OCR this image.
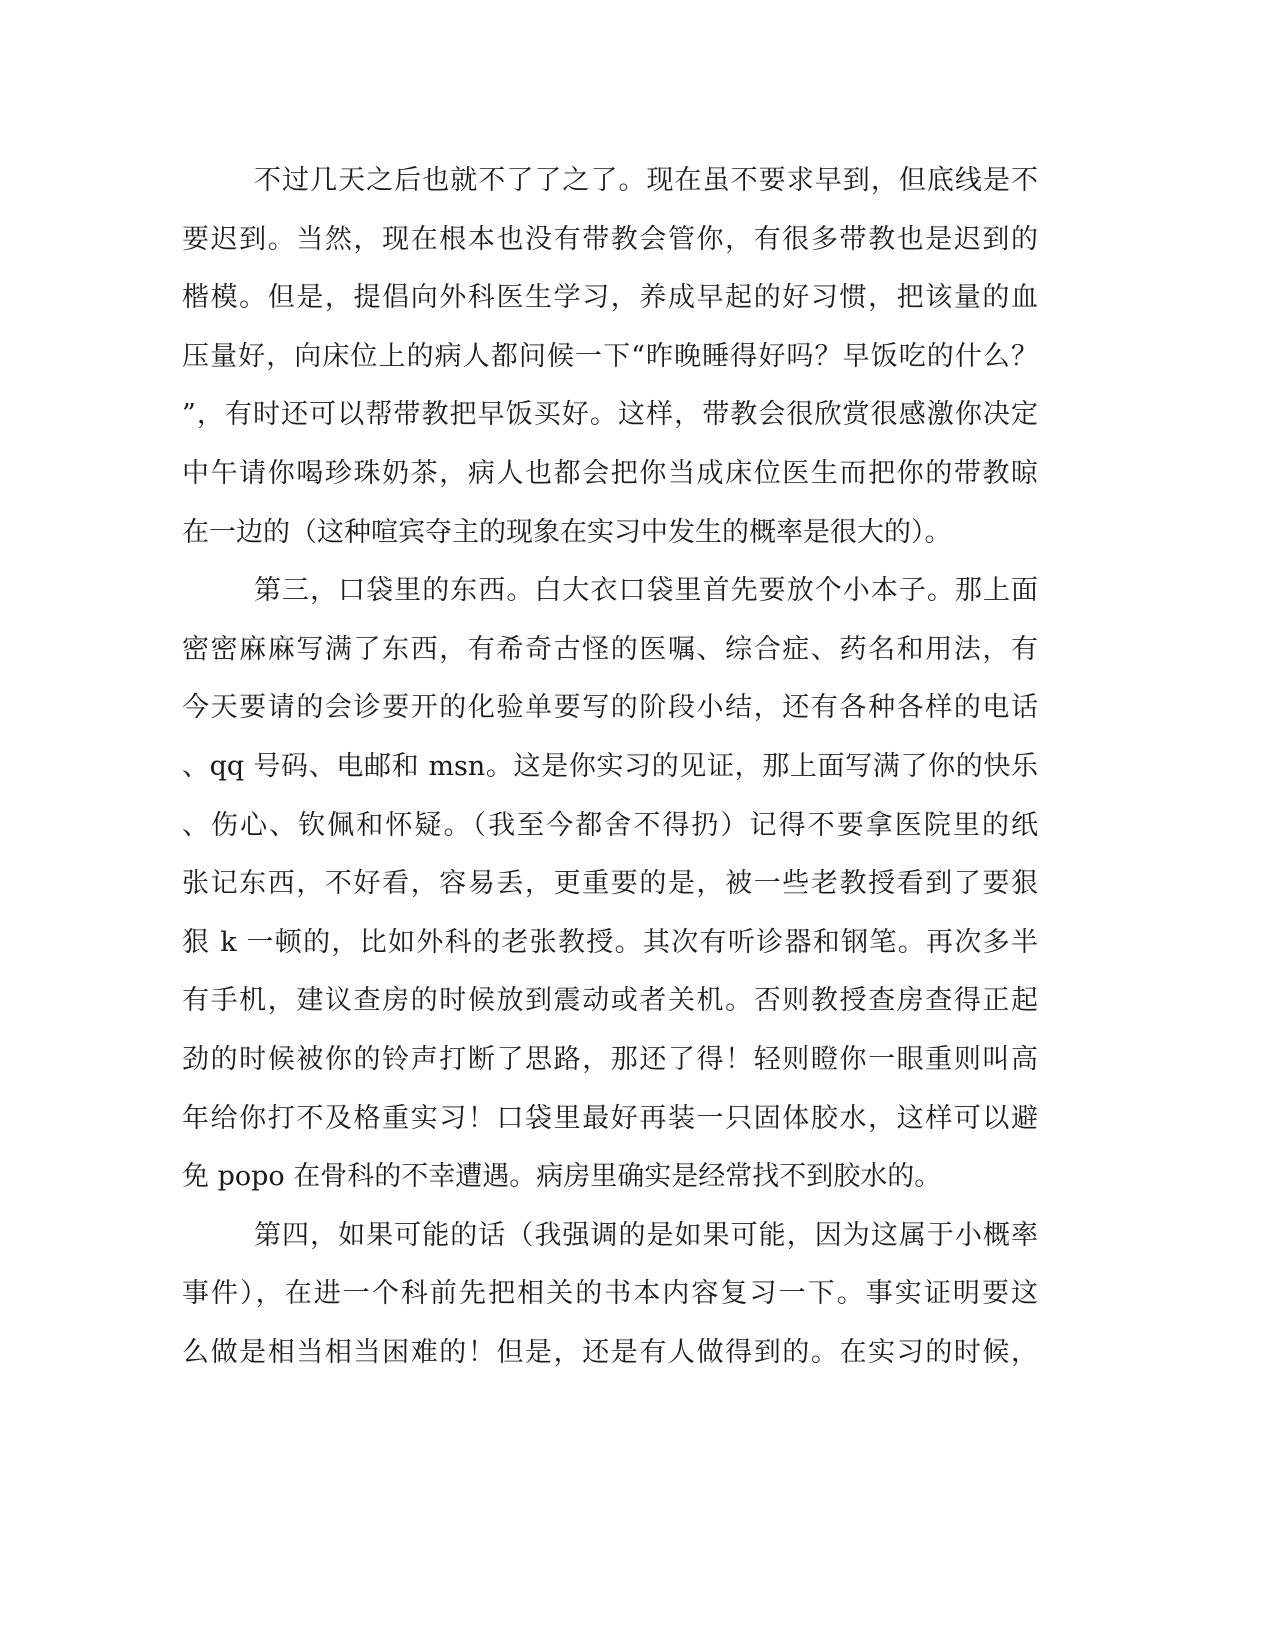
不过几天之后也就不了了之了。现在虽不要求早到，但底线是不
要迟到。当然，现在根本也没有带教会管你，有很多带教也是迟到的
楷模。但是，提倡向外科医生学习，养成早起的好习惯，把该量的血
压量好，向床位上的病人都问候一下“昨晚睡得好吗？早饭吃的什么？
”，有时还可以帮带教把早饭买好。这样，带教会很欣赏很感激你决定
中午请你喝珍珠奶茶，病人也都会把你当成床位医生而把你的带教晾
在一边的（这种喧宾夺主的现象在实习中发生的概率是很大的）。
第三，口袋里的东西。白大衣口袋里首先要放个小本子。那上面
密密麻麻写满了东西，有希奇古怪的医嘱、综合症、药名和用法，有
今天要请的会诊要开的化验单要写的阶段小结，还有各种各样的电话
、qq 号码、电邮和 msn。这是你实习的见证，那上面写满了你的快乐
、伤心、钦佩和怀疑。（我至今都舍不得扔）记得不要拿医院里的纸
张记东西，不好看，容易丢，更重要的是，被一些老教授看到了要狠
狠 k 一顿的，比如外科的老张教授。其次有听诊器和钢笔。再次多半
有手机，建议查房的时候放到震动或者关机。否则教授查房查得正起
劲的时候被你的铃声打断了思路，那还了得！轻则瞪你一眼重则叫高
年给你打不及格重实习！口袋里最好再装一只固体胶水，这样可以避
免 popo 在骨科的不幸遭遇。病房里确实是经常找不到胶水的。
第四，如果可能的话（我强调的是如果可能，因为这属于小概率
事件），在进一个科前先把相关的书本内容复习一下。事实证明要这
么做是相当相当困难的！但是，还是有人做得到的。在实习的时候，
